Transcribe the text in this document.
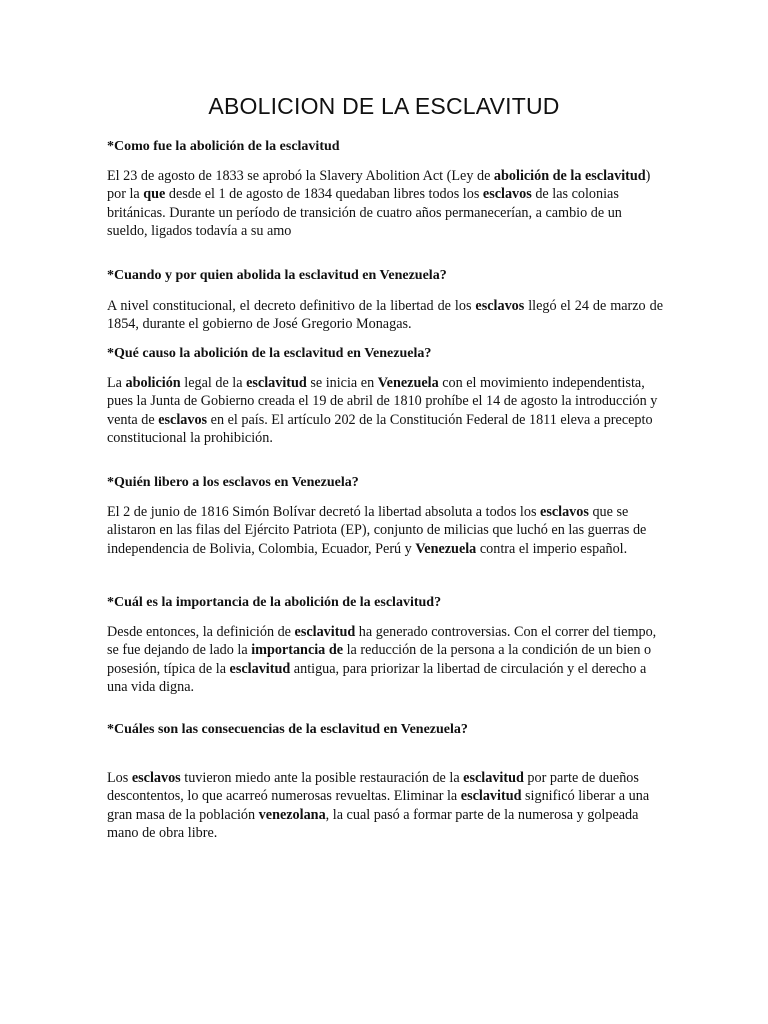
ABOLICION DE LA ESCLAVITUD

*Como fue la abolición de la esclavitud

El 23 de agosto de 1833 se aprobó la Slavery Abolition Act (Ley de abolición de la esclavitud) por la que desde el 1 de agosto de 1834 quedaban libres todos los esclavos de las colonias británicas. Durante un período de transición de cuatro años permanecerían, a cambio de un sueldo, ligados todavía a su amo

*Cuando y por quien abolida la esclavitud en Venezuela?

A nivel constitucional, el decreto definitivo de la libertad de los esclavos llegó el 24 de marzo de 1854, durante el gobierno de José Gregorio Monagas.

*Qué causo la abolición de la esclavitud en Venezuela?

La abolición legal de la esclavitud se inicia en Venezuela con el movimiento independentista, pues la Junta de Gobierno creada el 19 de abril de 1810 prohíbe el 14 de agosto la introducción y venta de esclavos en el país. El artículo 202 de la Constitución Federal de 1811 eleva a precepto constitucional la prohibición.

*Quién libero a los esclavos en Venezuela?

El 2 de junio de 1816 Simón Bolívar decretó la libertad absoluta a todos los esclavos que se alistaron en las filas del Ejército Patriota (EP), conjunto de milicias que luchó en las guerras de independencia de Bolivia, Colombia, Ecuador, Perú y Venezuela contra el imperio español.

*Cuál es la importancia de la abolición de la esclavitud?

Desde entonces, la definición de esclavitud ha generado controversias. Con el correr del tiempo, se fue dejando de lado la importancia de la reducción de la persona a la condición de un bien o posesión, típica de la esclavitud antigua, para priorizar la libertad de circulación y el derecho a una vida digna.

*Cuáles son las consecuencias de la esclavitud en Venezuela?

Los esclavos tuvieron miedo ante la posible restauración de la esclavitud por parte de dueños descontentos, lo que acarreó numerosas revueltas. Eliminar la esclavitud significó liberar a una gran masa de la población venezolana, la cual pasó a formar parte de la numerosa y golpeada mano de obra libre.
